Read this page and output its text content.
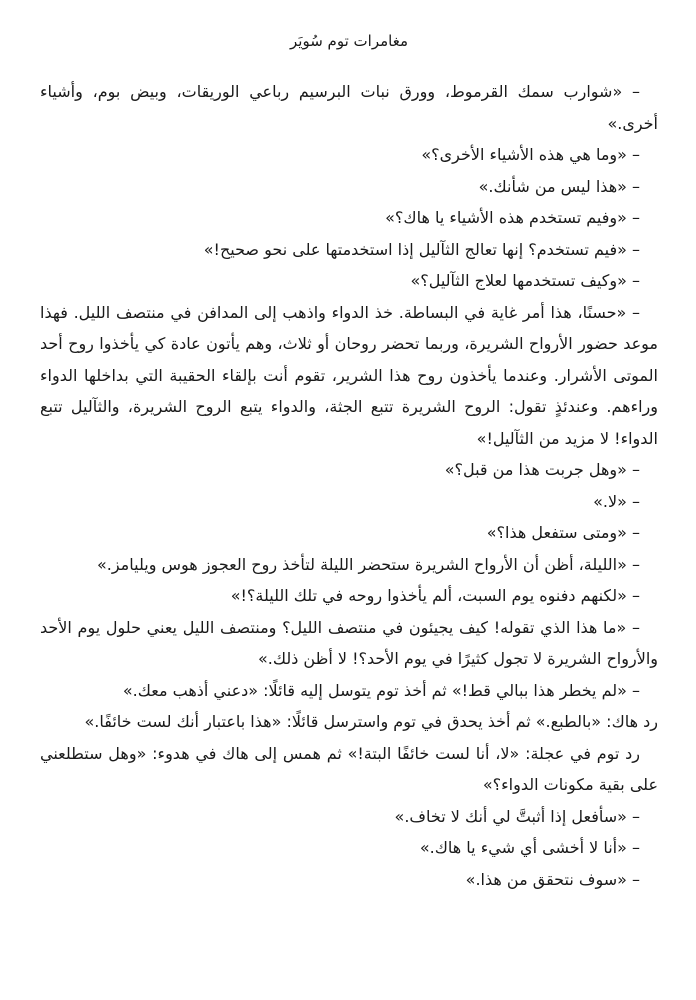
مغامرات توم سُويَر

– «شوارب سمك القرموط، وورق نبات البرسيم رباعي الوريقات، وبيض بوم، وأشياء أخرى.»

– «وما هي هذه الأشياء الأخرى؟»

– «هذا ليس من شأنك.»

– «وفيم تستخدم هذه الأشياء يا هاك؟»

– «فيم تستخدم؟ إنها تعالج الثآليل إذا استخدمتها على نحو صحيح!»

– «وكيف تستخدمها لعلاج الثآليل؟»

– «حسنًا، هذا أمر غاية في البساطة. خذ الدواء واذهب إلى المدافن في منتصف الليل. فهذا موعد حضور الأرواح الشريرة، وربما تحضر روحان أو ثلاث، وهم يأتون عادة كي يأخذوا روح أحد الموتى الأشرار. وعندما يأخذون روح هذا الشرير، تقوم أنت بإلقاء الحقيبة التي بداخلها الدواء وراءهم. وعندئذٍ تقول: الروح الشريرة تتبع الجثة، والدواء يتبع الروح الشريرة، والثآليل تتبع الدواء! لا مزيد من الثآليل!»

– «وهل جربت هذا من قبل؟»

– «لا.»

– «ومتى ستفعل هذا؟»

– «الليلة، أظن أن الأرواح الشريرة ستحضر الليلة لتأخذ روح العجوز هوس ويليامز.»

– «لكنهم دفنوه يوم السبت، ألم يأخذوا روحه في تلك الليلة؟!»

– «ما هذا الذي تقوله! كيف يجيئون في منتصف الليل؟ ومنتصف الليل يعني حلول يوم الأحد والأرواح الشريرة لا تجول كثيرًا في يوم الأحد؟! لا أظن ذلك.»

– «لم يخطر هذا ببالي قط!» ثم أخذ توم يتوسل إليه قائلًا: «دعني أذهب معك.»

رد هاك: «بالطبع.» ثم أخذ يحدق في توم واسترسل قائلًا: «هذا باعتبار أنك لست خائفًا.»

رد توم في عجلة: «لا، أنا لست خائفًا البتة!» ثم همس إلى هاك في هدوء: «وهل ستطلعني على بقية مكونات الدواء؟»

– «سأفعل إذا أثبتَّ لي أنك لا تخاف.»

– «أنا لا أخشى أي شيء يا هاك.»

– «سوف نتحقق من هذا.»
